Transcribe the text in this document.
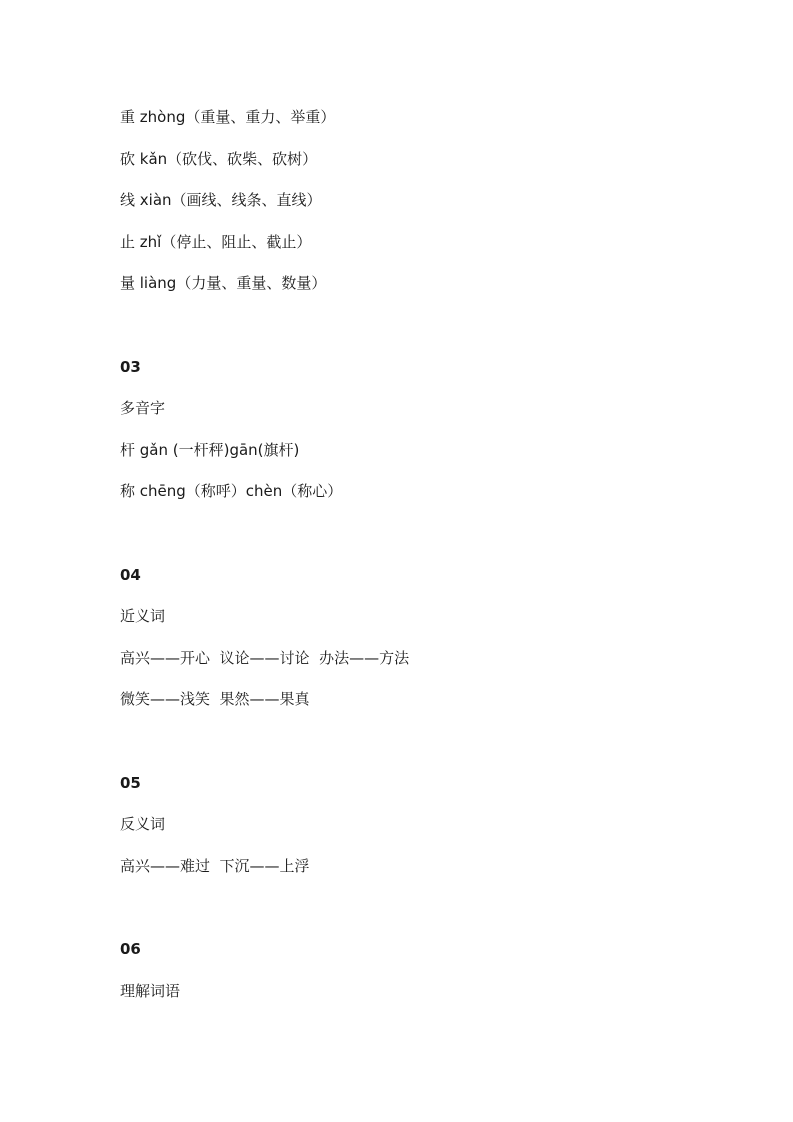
重 zhòng（重量、重力、举重）
砍 kǎn（砍伐、砍柴、砍树）
线 xiàn（画线、线条、直线）
止 zhǐ（停止、阻止、截止）
量 liàng（力量、重量、数量）
03
多音字
杆 gǎn (一杆秤)gān(旗杆)
称 chēng（称呼）chèn（称心）
04
近义词
高兴——开心  议论——讨论  办法——方法
微笑——浅笑  果然——果真
05
反义词
高兴——难过  下沉——上浮
06
理解词语
